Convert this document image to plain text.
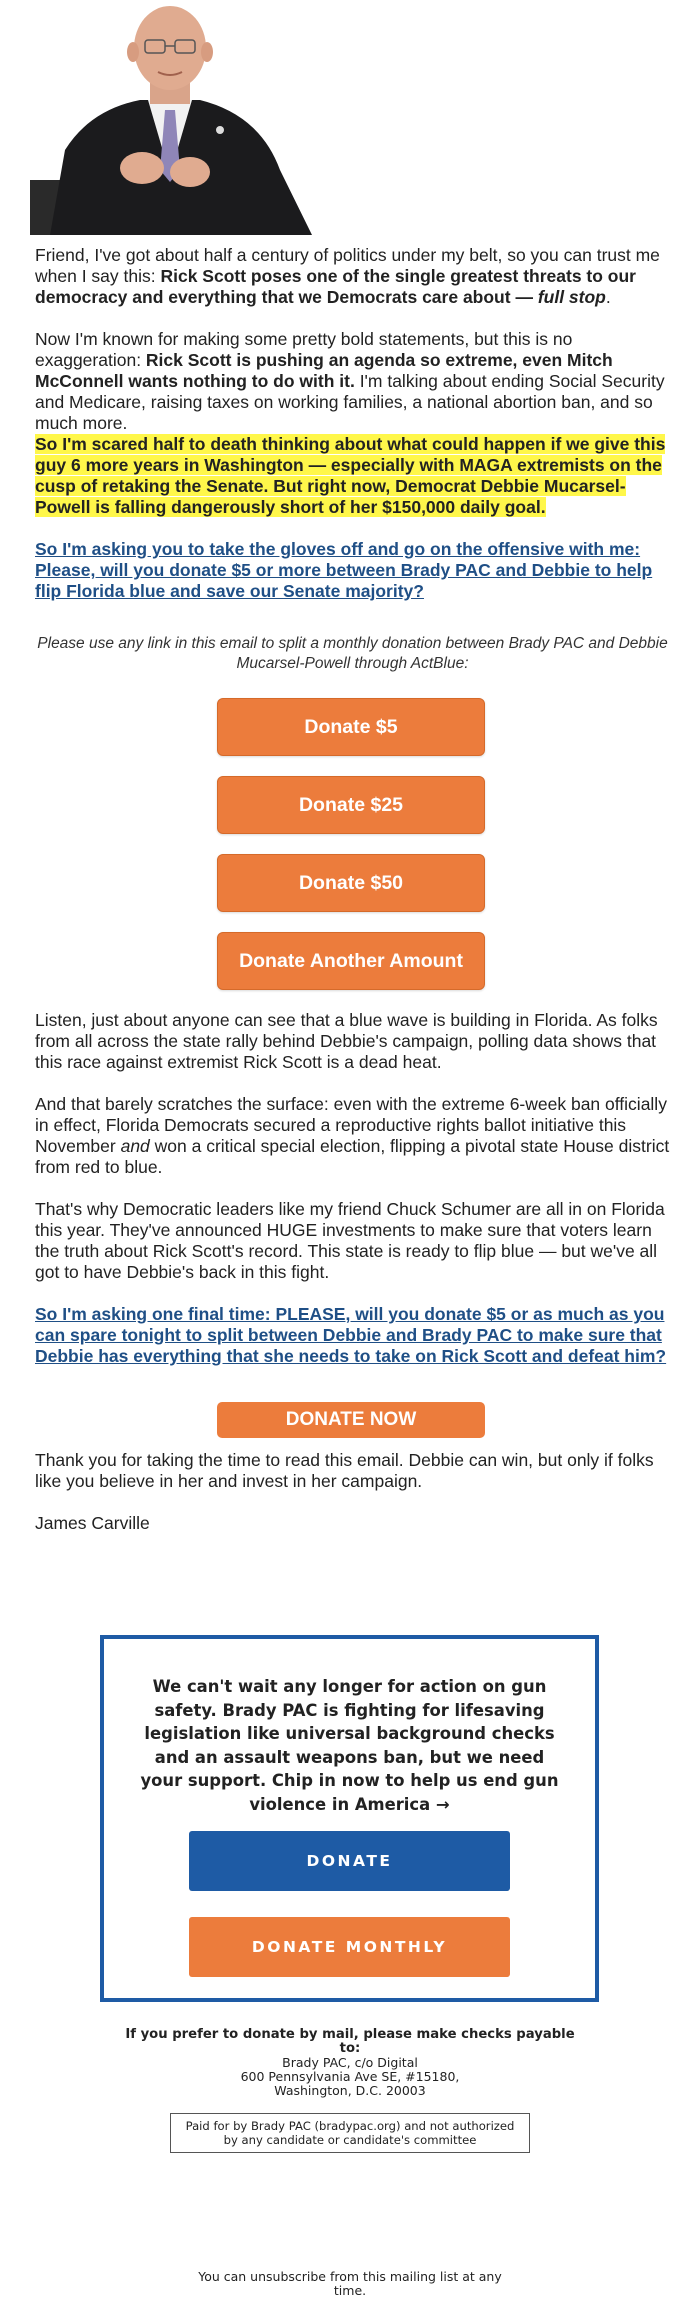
Friend, I've got about half a century of politics under my belt, so you can trust me when I say this: Rick Scott poses one of the single greatest threats to our democracy and everything that we Democrats care about — full stop.

Now I'm known for making some pretty bold statements, but this is no exaggeration: Rick Scott is pushing an agenda so extreme, even Mitch McConnell wants nothing to do with it. I'm talking about ending Social Security and Medicare, raising taxes on working families, a national abortion ban, and so much more.

So I'm scared half to death thinking about what could happen if we give this guy 6 more years in Washington — especially with MAGA extremists on the cusp of retaking the Senate. But right now, Democrat Debbie Mucarsel-Powell is falling dangerously short of her $150,000 daily goal.

So I'm asking you to take the gloves off and go on the offensive with me: Please, will you donate $5 or more between Brady PAC and Debbie to help flip Florida blue and save our Senate majority?

Please use any link in this email to split a monthly donation between Brady PAC and Debbie Mucarsel-Powell through ActBlue:
Donate $5
Donate $25
Donate $50
Donate Another Amount

Listen, just about anyone can see that a blue wave is building in Florida. As folks from all across the state rally behind Debbie's campaign, polling data shows that this race against extremist Rick Scott is a dead heat.

And that barely scratches the surface: even with the extreme 6-week ban officially in effect, Florida Democrats secured a reproductive rights ballot initiative this November and won a critical special election, flipping a pivotal state House district from red to blue.

That's why Democratic leaders like my friend Chuck Schumer are all in on Florida this year. They've announced HUGE investments to make sure that voters learn the truth about Rick Scott's record. This state is ready to flip blue — but we've all got to have Debbie's back in this fight.

So I'm asking one final time: PLEASE, will you donate $5 or as much as you can spare tonight to split between Debbie and Brady PAC to make sure that Debbie has everything that she needs to take on Rick Scott and defeat him?

DONATE NOW

Thank you for taking the time to read this email. Debbie can win, but only if folks like you believe in her and invest in her campaign.

James Carville

We can't wait any longer for action on gun safety. Brady PAC is fighting for lifesaving legislation like universal background checks and an assault weapons ban, but we need your support. Chip in now to help us end gun violence in America →
DONATE
DONATE MONTHLY
If you prefer to donate by mail, please make checks payable to:
Brady PAC, c/o Digital
600 Pennsylvania Ave SE, #15180,
Washington, D.C. 20003
Paid for by Brady PAC (bradypac.org) and not authorized by any candidate or candidate's committee
You can unsubscribe from this mailing list at any time.
